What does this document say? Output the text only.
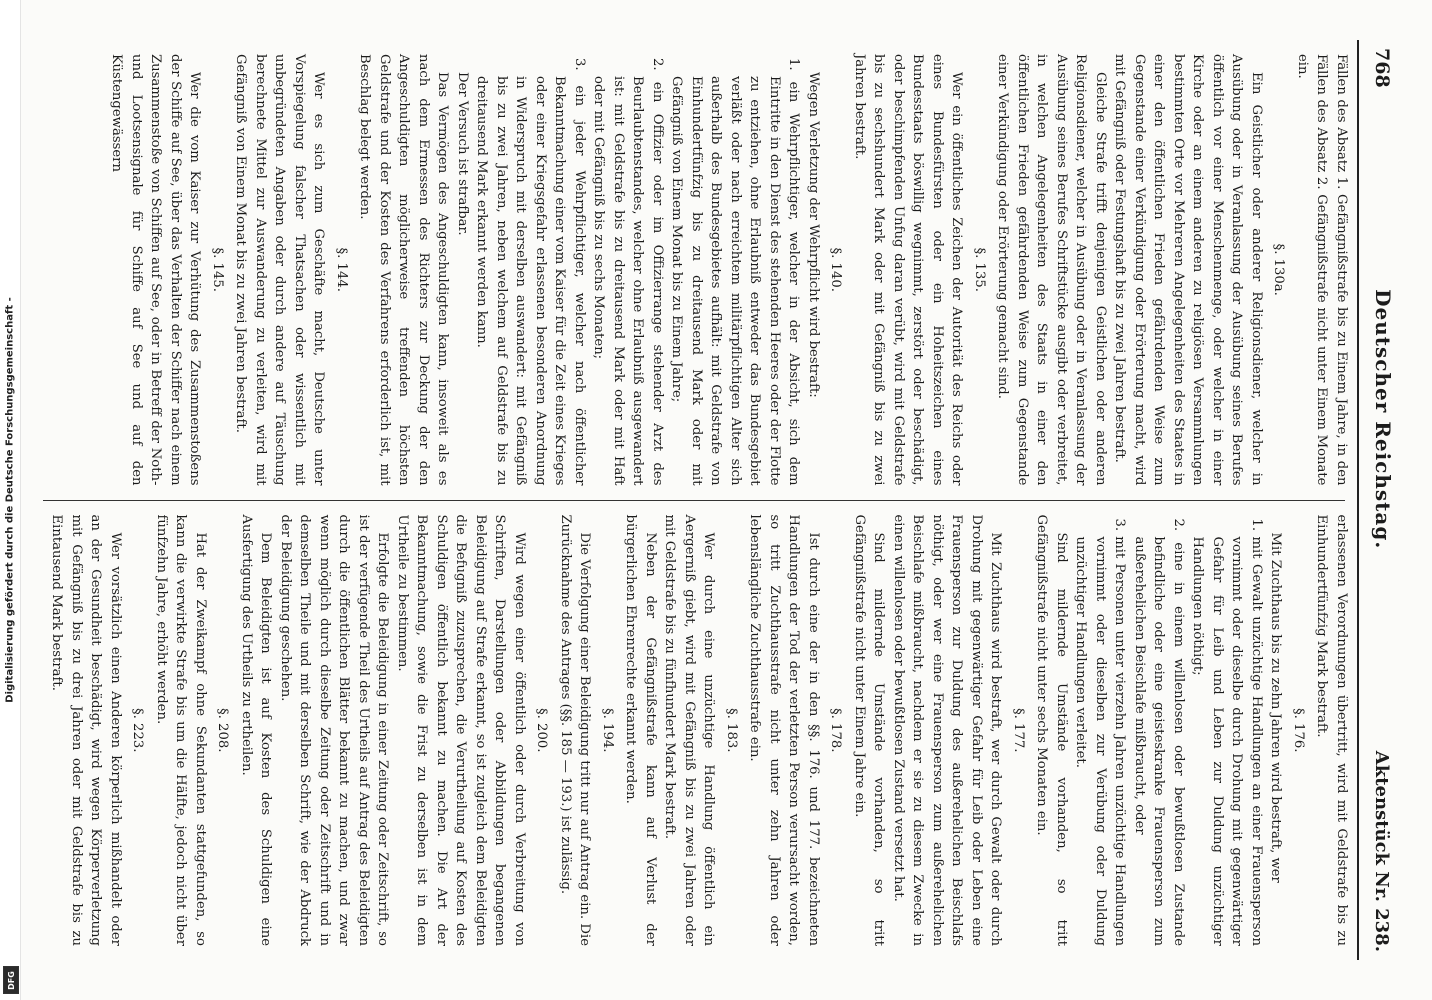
Digitalisierung gefördert durch die Deutsche Forschungsgemeinschaft -
DFG
768
Deutscher Reichstag.
Aktenstück Nr. 238.

Fällen des Absatz 1. Gefängnißstrafe bis zu Einem Jahre, in den Fällen des Absatz 2. Gefängnißstrafe nicht unter Einem Monate ein.

§. 130a.

Ein Geistlicher oder anderer Religionsdiener, welcher in Ausübung oder in Veranlassung der Ausübung seines Berufes öffentlich vor einer Menschenmenge, oder welcher in einer Kirche oder an einem anderen zu religiösen Versammlungen bestimmten Orte vor Mehreren Angelegenheiten des Staates in einer den öffentlichen Frieden gefährdenden Weise zum Gegenstande einer Verkündigung oder Erörterung macht, wird mit Gefängniß oder Festungshaft bis zu zwei Jahren bestraft.

Gleiche Strafe trifft denjenigen Geistlichen oder anderen Religionsdiener, welcher in Ausübung oder in Veranlassung der Ausübung seines Berufes Schriftstücke ausgibt oder verbreitet, in welchen Angelegenheiten des Staats in einer den öffentlichen Frieden gefährdenden Weise zum Gegenstande einer Verkündigung oder Erörterung gemacht sind.

§. 135.

Wer ein öffentliches Zeichen der Autorität des Reichs oder eines Bundesfürsten oder ein Hoheitszeichen eines Bundesstaats böswillig wegnimmt, zerstört oder beschädigt, oder beschimpfenden Unfug daran verübt, wird mit Geldstrafe bis zu sechshundert Mark oder mit Gefängniß bis zu zwei Jahren bestraft.

§. 140.

Wegen Verletzung der Wehrpflicht wird bestraft:

1. ein Wehrpflichtiger, welcher in der Absicht, sich dem Eintritte in den Dienst des stehenden Heeres oder der Flotte zu entziehen, ohne Erlaubniß entweder das Bundesgebiet verläßt oder nach erreichtem militärpflichtigen Alter sich außerhalb des Bundesgebietes aufhält: mit Geldstrafe von Einhundertfünfzig bis zu dreitausend Mark oder mit Gefängniß von Einem Monat bis zu Einem Jahre;

2. ein Offizier oder im Offizierrange stehender Arzt des Beurlaubtenstandes, welcher ohne Erlaubniß ausgewandert ist: mit Geldstrafe bis zu dreitausend Mark oder mit Haft oder mit Gefängniß bis zu sechs Monaten;

3. ein jeder Wehrpflichtiger, welcher nach öffentlicher Bekanntmachung einer vom Kaiser für die Zeit eines Krieges oder einer Kriegsgefahr erlassenen besonderen Anordnung in Widerspruch mit derselben auswandert: mit Gefängniß bis zu zwei Jahren, neben welchem auf Geldstrafe bis zu dreitausend Mark erkannt werden kann.

Der Versuch ist strafbar.

Das Vermögen des Angeschuldigten kann, insoweit als es nach dem Ermessen des Richters zur Deckung der den Angeschuldigten möglicherweise treffenden höchsten Geldstrafe und der Kosten des Verfahrens erforderlich ist, mit Beschlag belegt werden.

§. 144.

Wer es sich zum Geschäfte macht, Deutsche unter Vorspiegelung falscher Thatsachen oder wissentlich mit unbegründeten Angaben oder durch andere auf Täuschung berechnete Mittel zur Auswanderung zu verleiten, wird mit Gefängniß von Einem Monat bis zu zwei Jahren bestraft.

§. 145.

Wer die vom Kaiser zur Verhütung des Zusammenstoßens der Schiffe auf See, über das Verhalten der Schiffer nach einem Zusammenstoße von Schiffen auf See, oder in Betreff der Noth- und Lootsensignale für Schiffe auf See und auf den Küstengewässern

erlassenen Verordnungen übertritt, wird mit Geldstrafe bis zu Einhundertfünfzig Mark bestraft.

§. 176.

Mit Zuchthaus bis zu zehn Jahren wird bestraft, wer

1. mit Gewalt unzüchtige Handlungen an einer Frauensperson vornimmt oder dieselbe durch Drohung mit gegenwärtiger Gefahr für Leib und Leben zur Duldung unzüchtiger Handlungen nöthigt;

2. eine in einem willenlosen oder bewußtlosen Zustande befindliche oder eine geisteskranke Frauensperson zum außerehelichen Beischlafe mißbraucht, oder

3. mit Personen unter vierzehn Jahren unzüchtige Handlungen vornimmt oder dieselben zur Verübung oder Duldung unzüchtiger Handlungen verleitet.

Sind mildernde Umstände vorhanden, so tritt Gefängnißstrafe nicht unter sechs Monaten ein.

§. 177.

Mit Zuchthaus wird bestraft, wer durch Gewalt oder durch Drohung mit gegenwärtiger Gefahr für Leib oder Leben eine Frauensperson zur Duldung des außerehelichen Beischlafs nöthigt, oder wer eine Frauensperson zum außerehelichen Beischlafe mißbraucht, nachdem er sie zu diesem Zwecke in einen willenlosen oder bewußtlosen Zustand versetzt hat.

Sind mildernde Umstände vorhanden, so tritt Gefängnißstrafe nicht unter Einem Jahre ein.

§. 178.

Ist durch eine der in den §§. 176. und 177. bezeichneten Handlungen der Tod der verletzten Person verursacht worden, so tritt Zuchthausstrafe nicht unter zehn Jahren oder lebenslängliche Zuchthausstrafe ein.

§. 183.

Wer durch eine unzüchtige Handlung öffentlich ein Aergerniß giebt, wird mit Gefängniß bis zu zwei Jahren oder mit Geldstrafe bis zu fünfhundert Mark bestraft.

Neben der Gefängnißstrafe kann auf Verlust der bürgerlichen Ehrenrechte erkannt werden.

§. 194.

Die Verfolgung einer Beleidigung tritt nur auf Antrag ein. Die Zurücknahme des Antrages (§§. 185 — 193.) ist zulässig.

§. 200.

Wird wegen einer öffentlich oder durch Verbreitung von Schriften, Darstellungen oder Abbildungen begangenen Beleidigung auf Strafe erkannt, so ist zugleich dem Beleidigten die Befugniß zuzusprechen, die Verurtheilung auf Kosten des Schuldigen öffentlich bekannt zu machen. Die Art der Bekanntmachung, sowie die Frist zu derselben ist in dem Urtheile zu bestimmen.

Erfolgte die Beleidigung in einer Zeitung oder Zeitschrift, so ist der verfügende Theil des Urtheils auf Antrag des Beleidigten durch die öffentlichen Blätter bekannt zu machen, und zwar wenn möglich durch dieselbe Zeitung oder Zeitschrift und in demselben Theile und mit derselben Schrift, wie der Abdruck der Beleidigung geschehen.

Dem Beleidigten ist auf Kosten des Schuldigen eine Ausfertigung des Urtheils zu ertheilen.

§. 208.

Hat der Zweikampf ohne Sekundanten stattgefunden, so kann die verwirkte Strafe bis um die Hälfte, jedoch nicht über fünfzehn Jahre, erhöht werden.

§. 223.

Wer vorsätzlich einen Anderen körperlich mißhandelt oder an der Gesundheit beschädigt, wird wegen Körperverletzung mit Gefängniß bis zu drei Jahren oder mit Geldstrafe bis zu Eintausend Mark bestraft.
